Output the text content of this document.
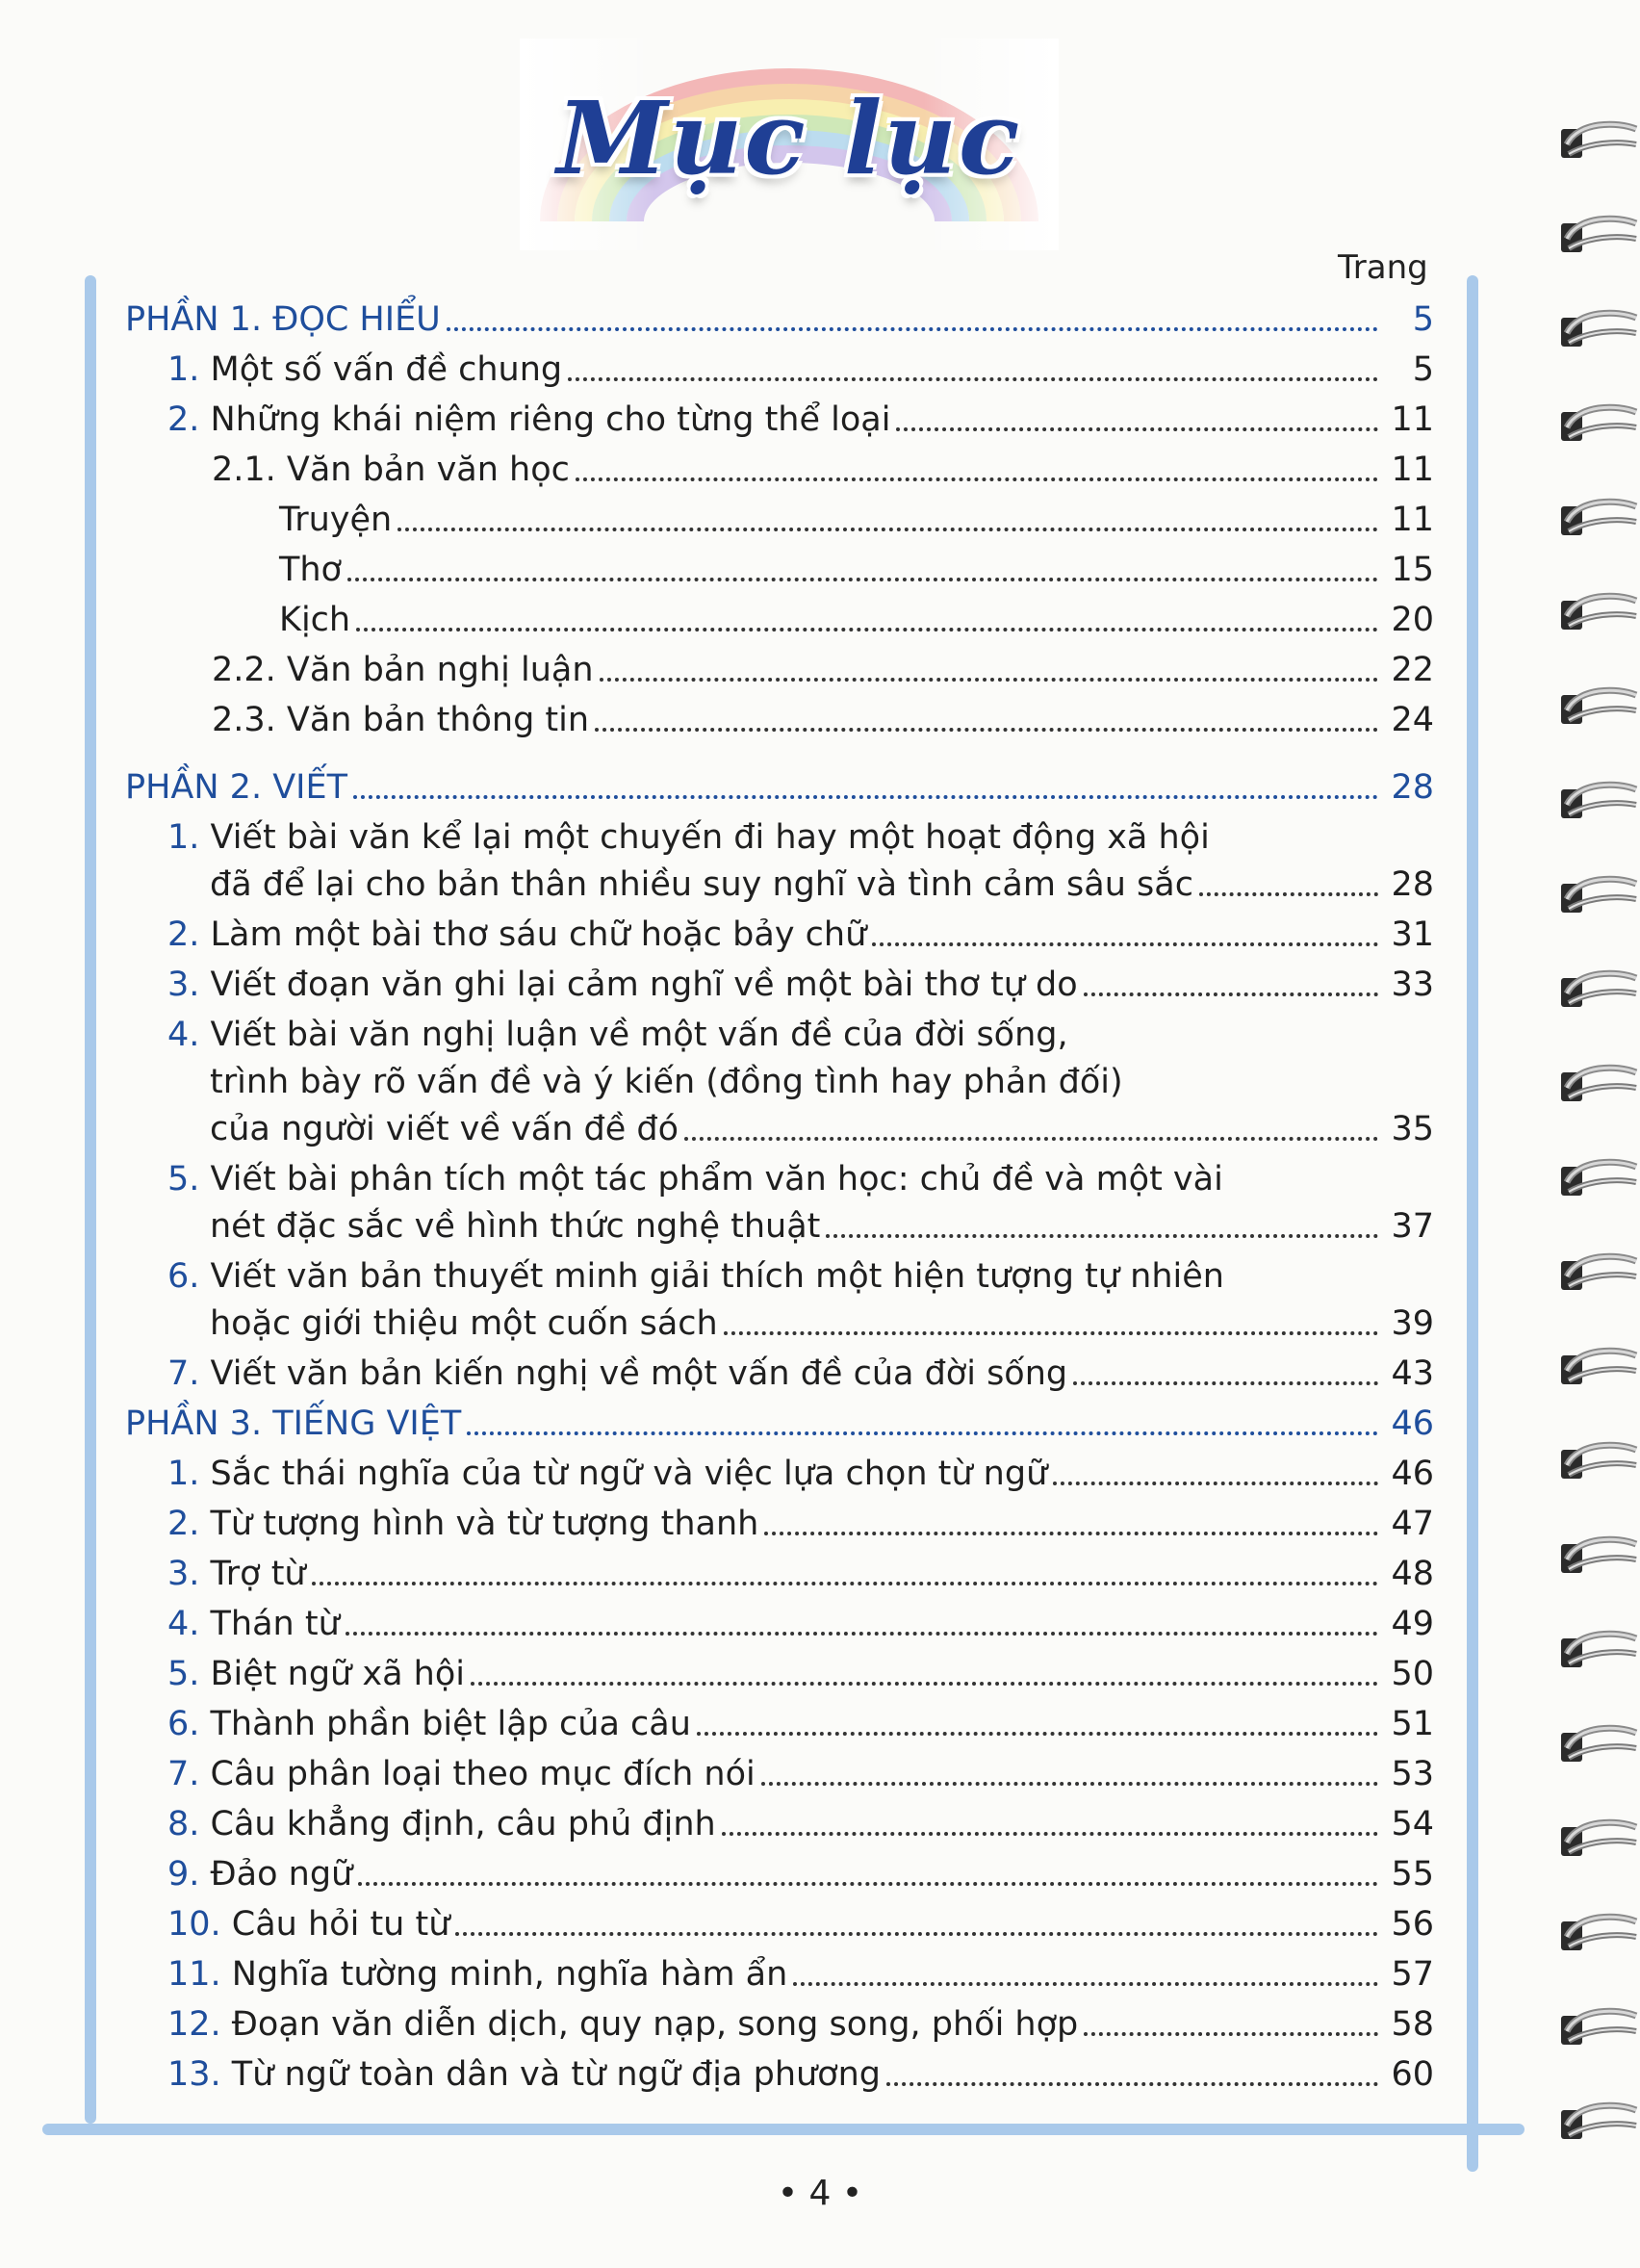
Mục lục
Trang
PHẦN 1. ĐỌC HIỂU	5
1. Một số vấn đề chung	5
2. Những khái niệm riêng cho từng thể loại	11
2.1. Văn bản văn học	11
Truyện	11
Thơ	15
Kịch	20
2.2. Văn bản nghị luận	22
2.3. Văn bản thông tin	24
PHẦN 2. VIẾT	28
1. Viết bài văn kể lại một chuyến đi hay một hoạt động xã hội
đã để lại cho bản thân nhiều suy nghĩ và tình cảm sâu sắc	28
2. Làm một bài thơ sáu chữ hoặc bảy chữ	31
3. Viết đoạn văn ghi lại cảm nghĩ về một bài thơ tự do	33
4. Viết bài văn nghị luận về một vấn đề của đời sống,
trình bày rõ vấn đề và ý kiến (đồng tình hay phản đối)
của người viết về vấn đề đó	35
5. Viết bài phân tích một tác phẩm văn học: chủ đề và một vài
nét đặc sắc về hình thức nghệ thuật	37
6. Viết văn bản thuyết minh giải thích một hiện tượng tự nhiên
hoặc giới thiệu một cuốn sách	39
7. Viết văn bản kiến nghị về một vấn đề của đời sống	43
PHẦN 3. TIẾNG VIỆT	46
1. Sắc thái nghĩa của từ ngữ và việc lựa chọn từ ngữ	46
2. Từ tượng hình và từ tượng thanh	47
3. Trợ từ	48
4. Thán từ	49
5. Biệt ngữ xã hội	50
6. Thành phần biệt lập của câu	51
7. Câu phân loại theo mục đích nói	53
8. Câu khẳng định, câu phủ định	54
9. Đảo ngữ	55
10. Câu hỏi tu từ	56
11. Nghĩa tường minh, nghĩa hàm ẩn	57
12. Đoạn văn diễn dịch, quy nạp, song song, phối hợp	58
13. Từ ngữ toàn dân và từ ngữ địa phương	60
• 4 •
